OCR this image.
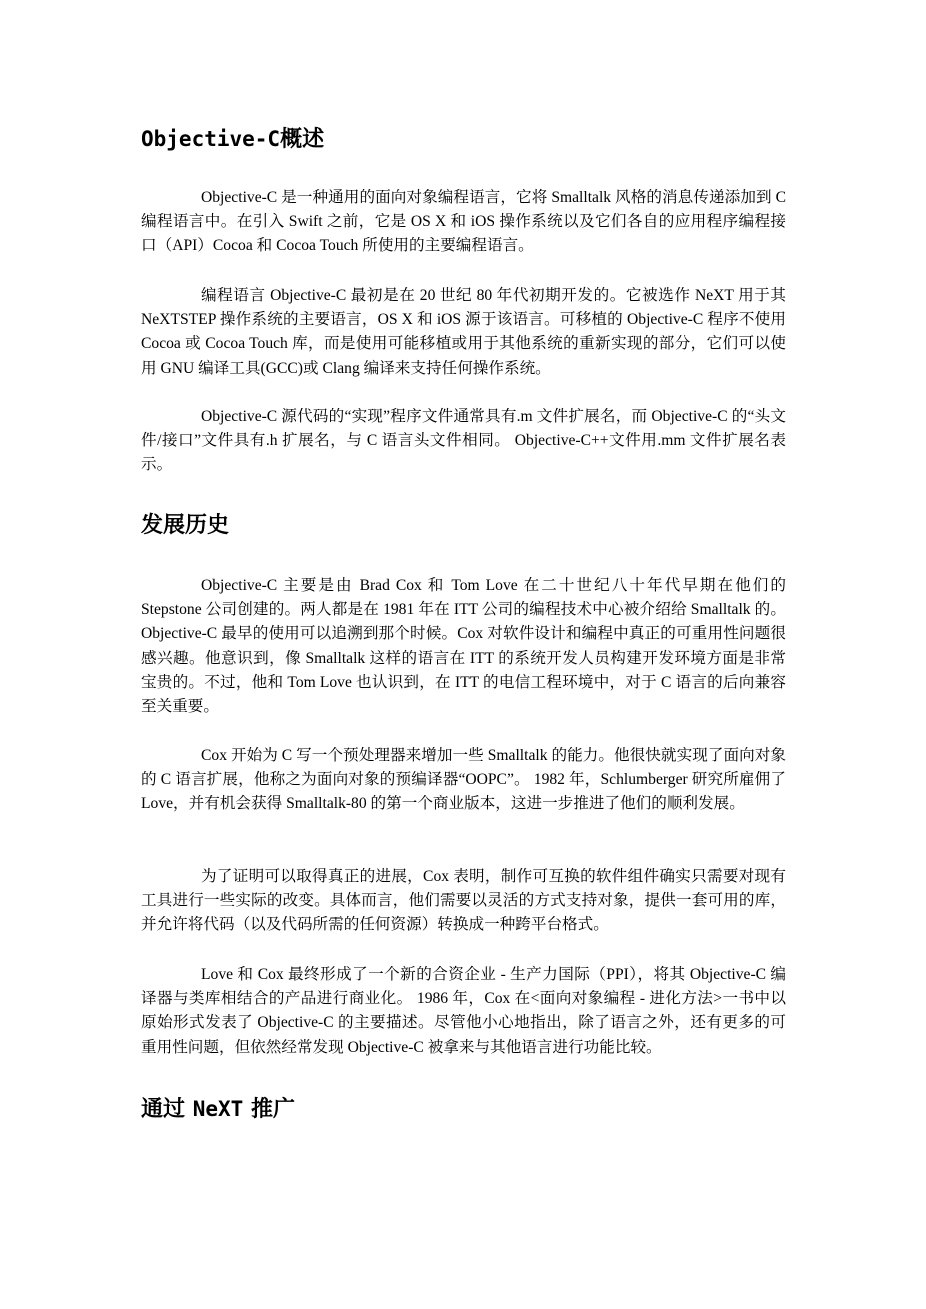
Objective-C概述

Objective-C 是一种通用的面向对象编程语言，它将 Smalltalk 风格的消息传递添加到 C 编程语言中。在引入 Swift 之前，它是 OS X 和 iOS 操作系统以及它们各自的应用程序编程接口（API）Cocoa 和 Cocoa Touch 所使用的主要编程语言。

编程语言 Objective-C 最初是在 20 世纪 80 年代初期开发的。它被选作 NeXT 用于其 NeXTSTEP 操作系统的主要语言，OS X 和 iOS 源于该语言。可移植的 Objective-C 程序不使用 Cocoa 或 Cocoa Touch 库，而是使用可能移植或用于其他系统的重新实现的部分，它们可以使用 GNU 编译工具(GCC)或 Clang 编译来支持任何操作系统。

Objective-C 源代码的“实现”程序文件通常具有.m 文件扩展名，而 Objective-C 的“头文件/接口”文件具有.h 扩展名，与 C 语言头文件相同。 Objective-C++文件用.mm 文件扩展名表示。

发展历史

Objective-C 主要是由 Brad Cox 和 Tom Love 在二十世纪八十年代早期在他们的 Stepstone 公司创建的。两人都是在 1981 年在 ITT 公司的编程技术中心被介绍给 Smalltalk 的。Objective-C 最早的使用可以追溯到那个时候。Cox 对软件设计和编程中真正的可重用性问题很感兴趣。他意识到，像 Smalltalk 这样的语言在 ITT 的系统开发人员构建开发环境方面是非常宝贵的。不过，他和 Tom Love 也认识到，在 ITT 的电信工程环境中，对于 C 语言的后向兼容至关重要。

Cox 开始为 C 写一个预处理器来增加一些 Smalltalk 的能力。他很快就实现了面向对象的 C 语言扩展，他称之为面向对象的预编译器“OOPC”。 1982 年，Schlumberger 研究所雇佣了 Love，并有机会获得 Smalltalk-80 的第一个商业版本，这进一步推进了他们的顺利发展。

为了证明可以取得真正的进展，Cox 表明，制作可互换的软件组件确实只需要对现有工具进行一些实际的改变。具体而言，他们需要以灵活的方式支持对象，提供一套可用的库，并允许将代码（以及代码所需的任何资源）转换成一种跨平台格式。

Love 和 Cox 最终形成了一个新的合资企业 - 生产力国际（PPI），将其 Objective-C 编译器与类库相结合的产品进行商业化。 1986 年，Cox 在<面向对象编程 - 进化方法>一书中以原始形式发表了 Objective-C 的主要描述。尽管他小心地指出，除了语言之外，还有更多的可重用性问题，但依然经常发现 Objective-C 被拿来与其他语言进行功能比较。

通过 NeXT 推广
